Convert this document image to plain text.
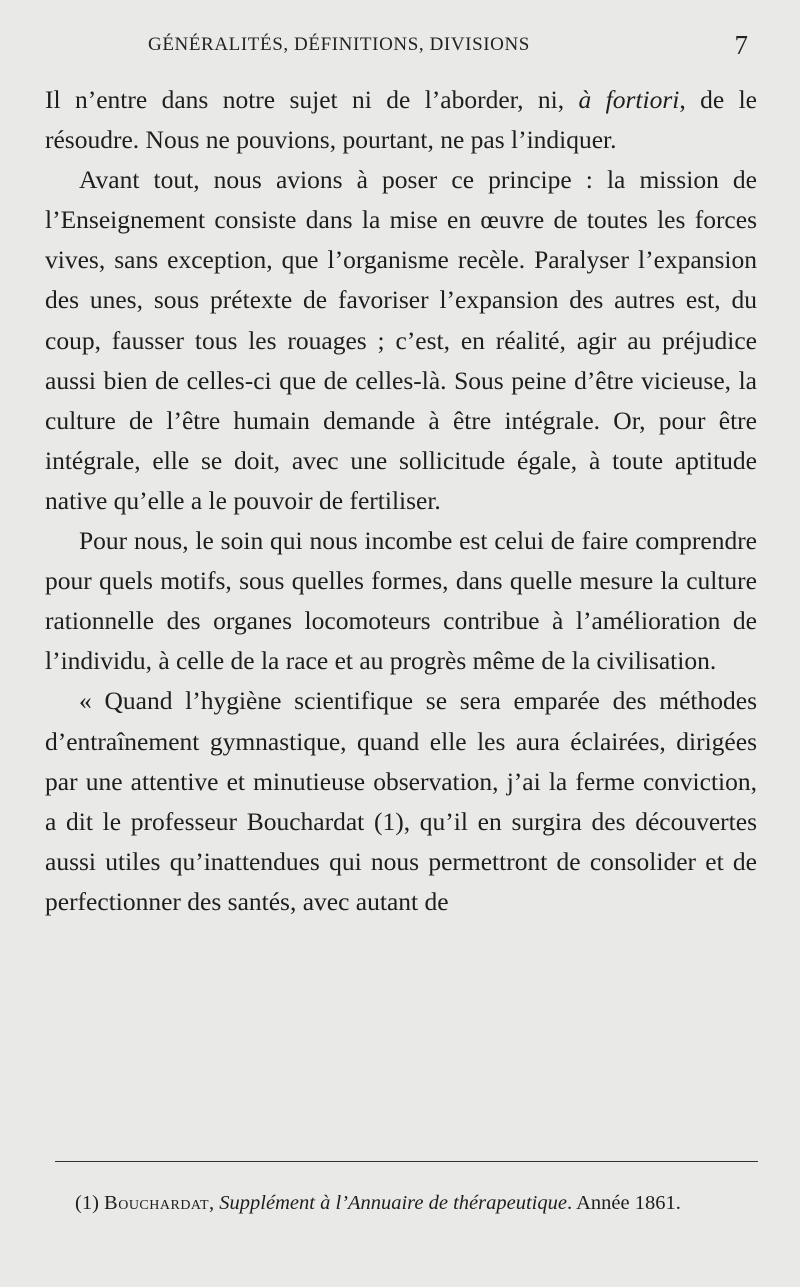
GÉNÉRALITÉS, DÉFINITIONS, DIVISIONS	7

Il n’entre dans notre sujet ni de l’aborder, ni, à fortiori, de le résoudre. Nous ne pouvions, pourtant, ne pas l’indiquer.

Avant tout, nous avions à poser ce principe : la mission de l’Enseignement consiste dans la mise en œuvre de toutes les forces vives, sans exception, que l’organisme recèle. Paralyser l’expansion des unes, sous prétexte de favoriser l’expansion des autres est, du coup, fausser tous les rouages ; c’est, en réalité, agir au préjudice aussi bien de celles-ci que de celles-là. Sous peine d’être vicieuse, la culture de l’être humain demande à être intégrale. Or, pour être intégrale, elle se doit, avec une sollicitude égale, à toute aptitude native qu’elle a le pouvoir de fertiliser.

Pour nous, le soin qui nous incombe est celui de faire comprendre pour quels motifs, sous quelles formes, dans quelle mesure la culture rationnelle des organes locomoteurs contribue à l’amélioration de l’individu, à celle de la race et au progrès même de la civilisation.

« Quand l’hygiène scientifique se sera emparée des méthodes d’entraînement gymnastique, quand elle les aura éclairées, dirigées par une attentive et minutieuse observation, j’ai la ferme conviction, a dit le professeur Bouchardat (1), qu’il en surgira des découvertes aussi utiles qu’inattendues qui nous permettront de consolider et de perfectionner des santés, avec autant de

(1) Bouchardat, Supplément à l’Annuaire de thérapeutique. Année 1861.
